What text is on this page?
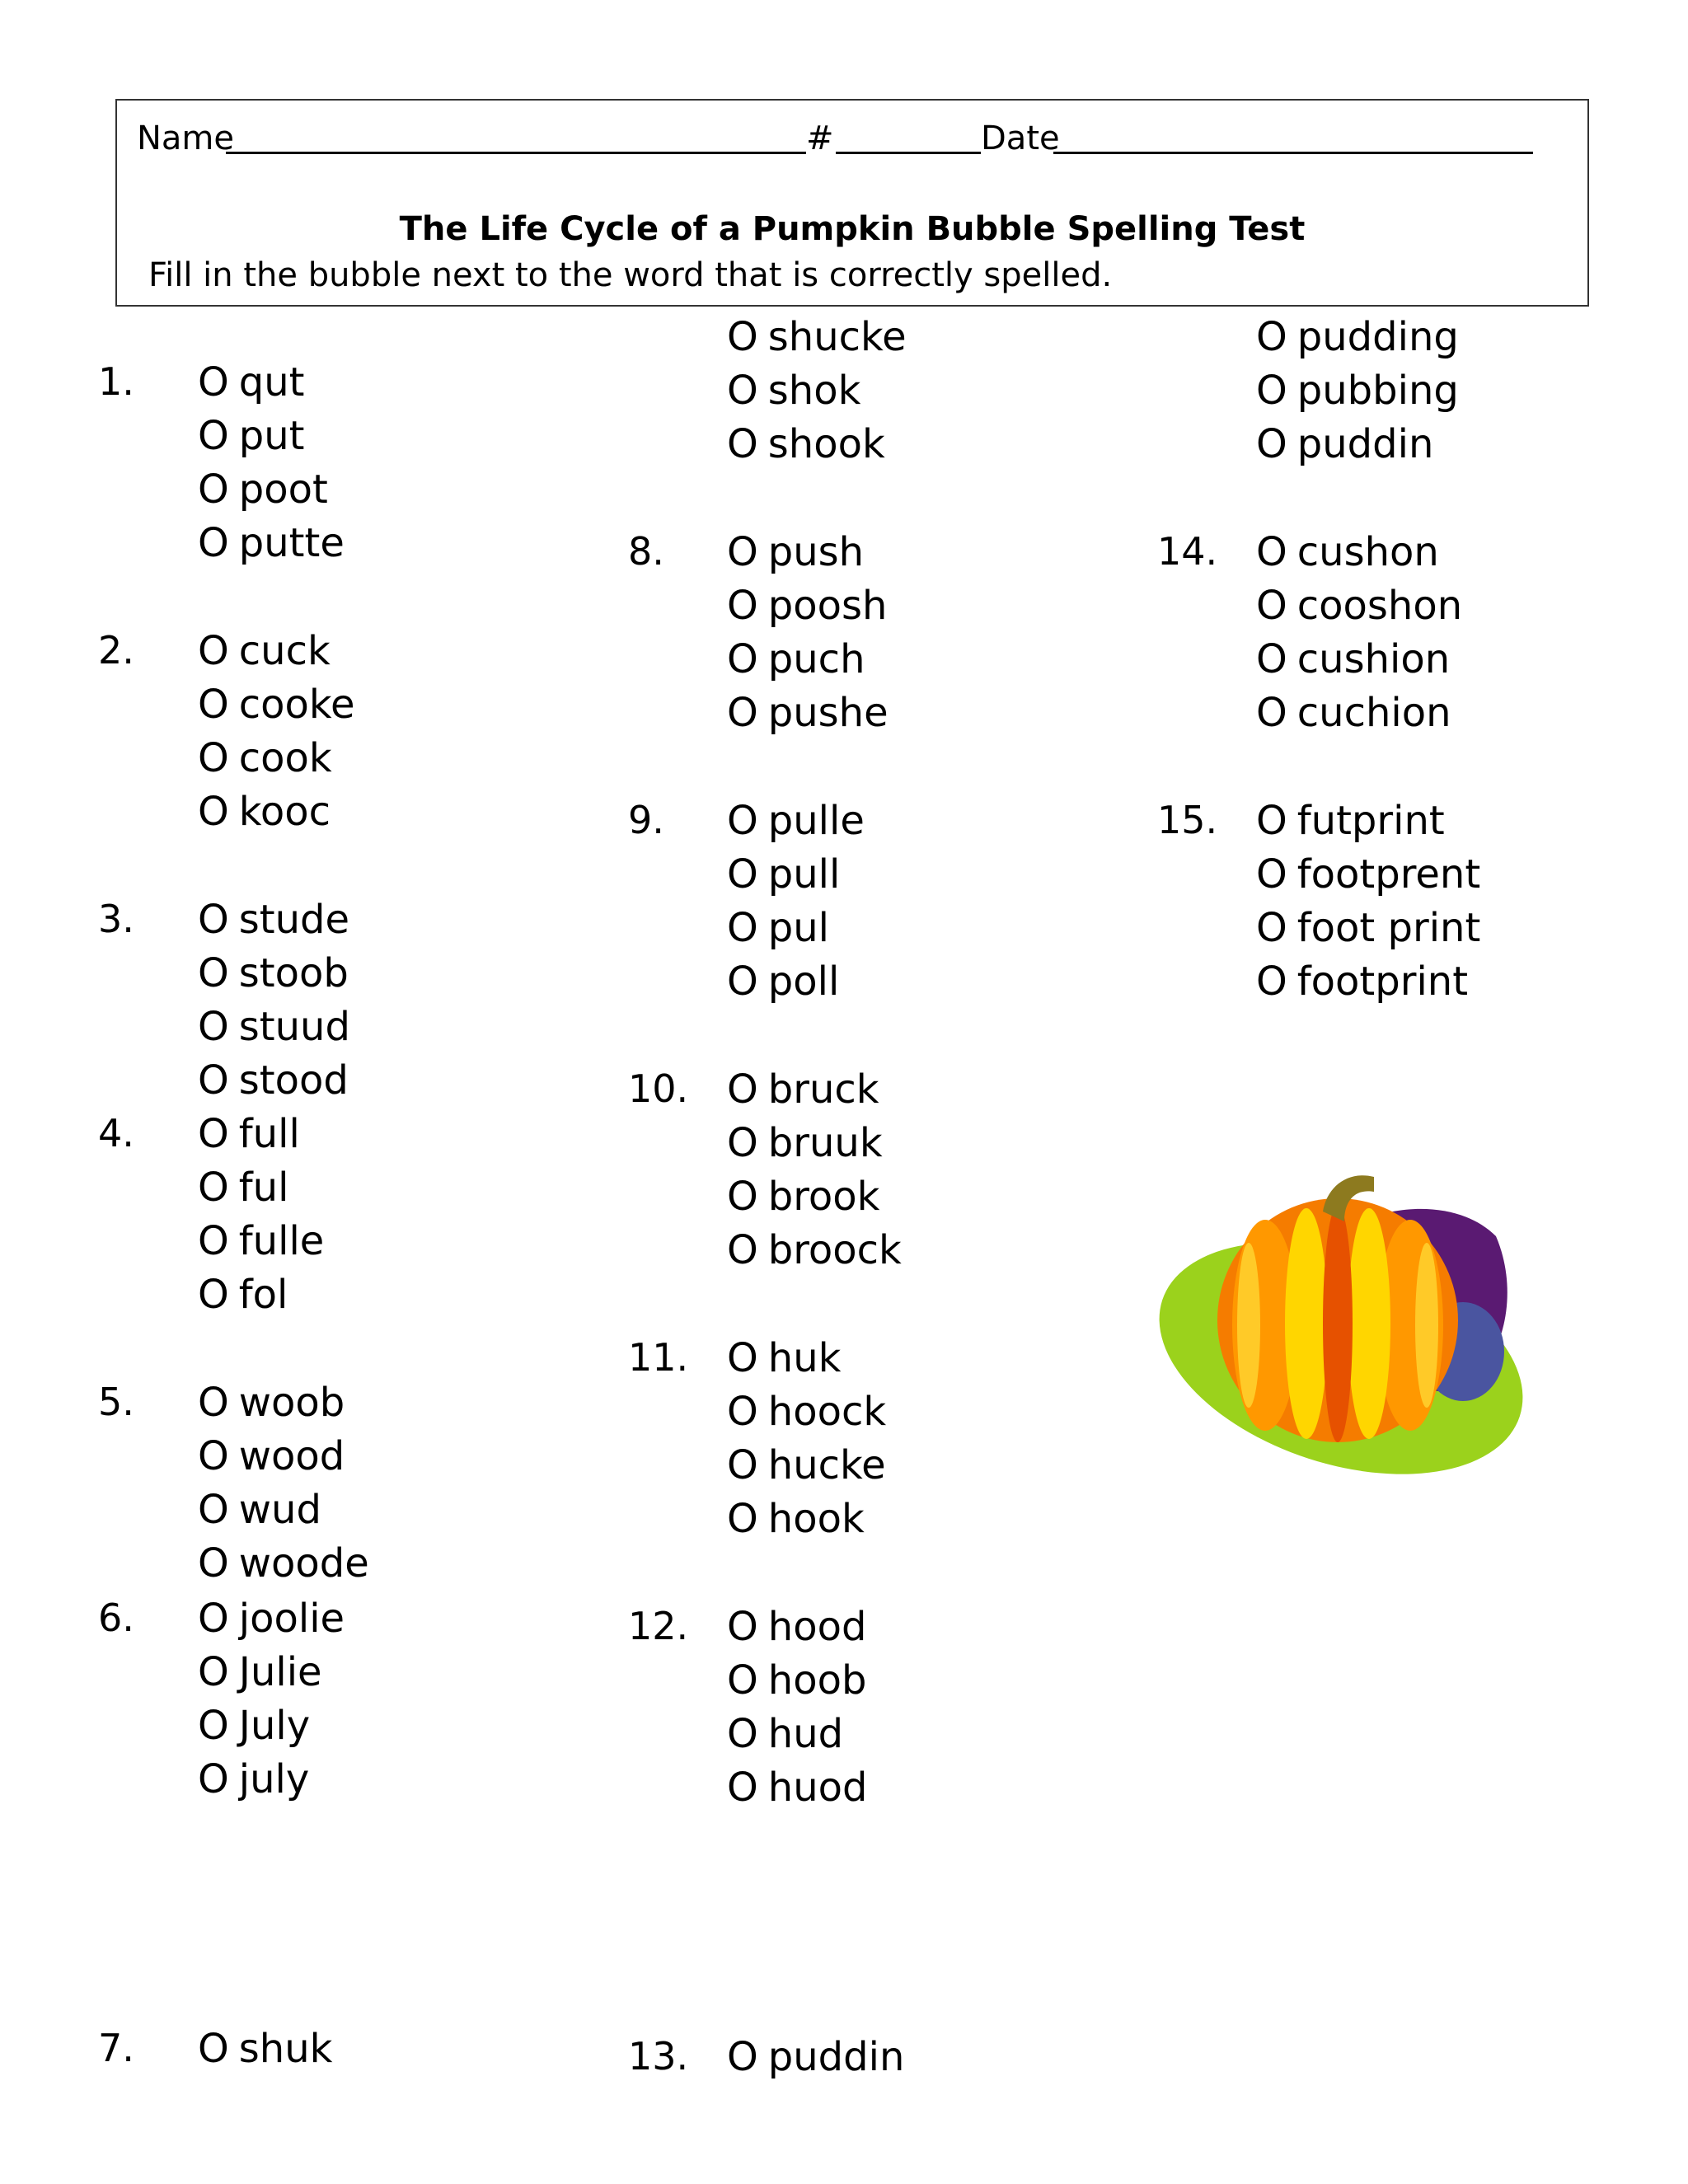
Name	#	Date
The Life Cycle of a Pumpkin Bubble Spelling Test
Fill in the bubble next to the word that is correctly spelled.
1. O qut
O put
O poot
O putte
2. O cuck
O cooke
O cook
O kooc
3. O stude
O stoob
O stuud
O stood
4. O full
O ful
O fulle
O fol
5. O woob
O wood
O wud
O woode
6. O joolie
O Julie
O July
O july
7. O shuk
O shucke
O shok
O shook
8. O push
O poosh
O puch
O pushe
9. O pulle
O pull
O pul
O poll
10. O bruck
O bruuk
O brook
O broock
11. O huk
O hoock
O hucke
O hook
12. O hood
O hoob
O hud
O huod
13. O puddin
O pudding
O pubbing
O puddin
14. O cushon
O cooshon
O cushion
O cuchion
15. O futprint
O footprent
O foot print
O footprint
